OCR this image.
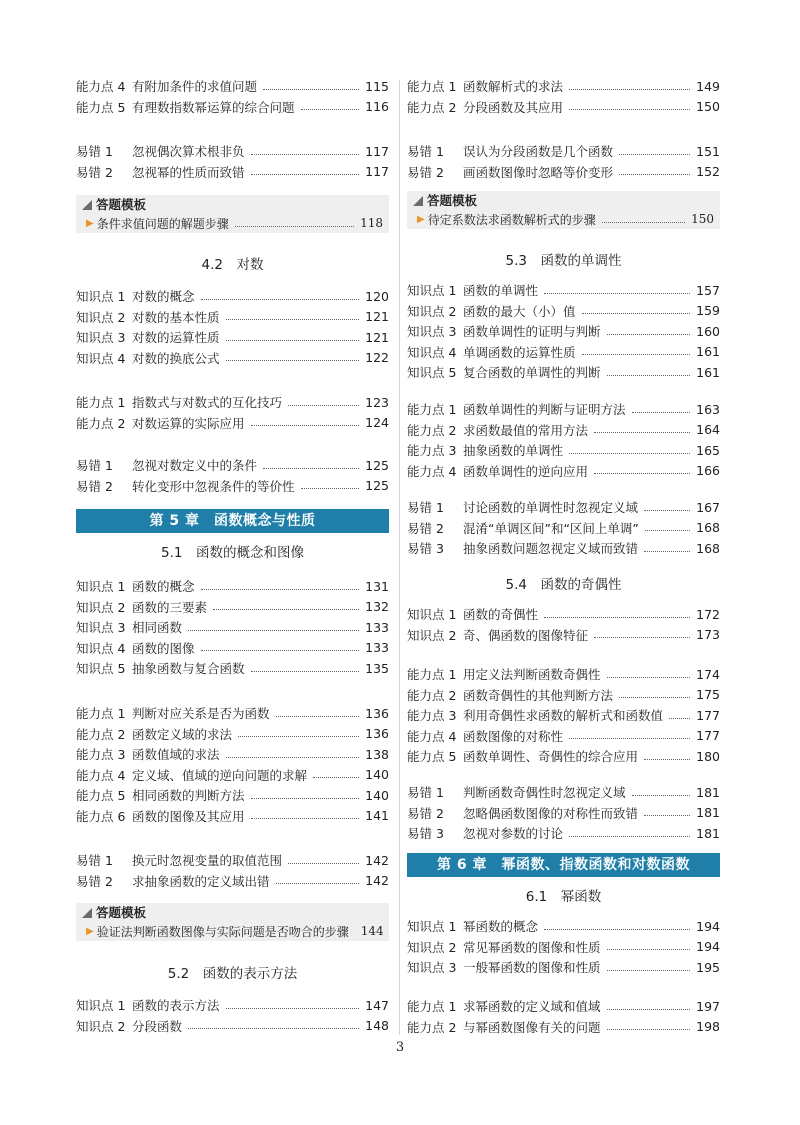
能力点 4 有附加条件的求值问题	115
能力点 5 有理数指数幂运算的综合问题	116
易错 1	忽视偶次算术根非负	117
易错 2	忽视幂的性质而致错	117
答题模板
▶ 条件求值问题的解题步骤	118
4.2　对数
知识点 1 对数的概念	120
知识点 2 对数的基本性质	121
知识点 3 对数的运算性质	121
知识点 4 对数的换底公式	122
能力点 1 指数式与对数式的互化技巧	123
能力点 2 对数运算的实际应用	124
易错 1	忽视对数定义中的条件	125
易错 2	转化变形中忽视条件的等价性	125
第 5 章　函数概念与性质
5.1　函数的概念和图像
知识点 1 函数的概念	131
知识点 2 函数的三要素	132
知识点 3 相同函数	133
知识点 4 函数的图像	133
知识点 5 抽象函数与复合函数	135
能力点 1 判断对应关系是否为函数	136
能力点 2 函数定义域的求法	136
能力点 3 函数值域的求法	138
能力点 4 定义域、值域的逆向问题的求解	140
能力点 5 相同函数的判断方法	140
能力点 6 函数的图像及其应用	141
易错 1	换元时忽视变量的取值范围	142
易错 2	求抽象函数的定义域出错	142
答题模板
▶ 验证法判断函数图像与实际问题是否吻合的步骤 144
5.2　函数的表示方法
知识点 1 函数的表示方法	147
知识点 2 分段函数	148
能力点 1 函数解析式的求法	149
能力点 2 分段函数及其应用	150
易错 1	误认为分段函数是几个函数	151
易错 2	画函数图像时忽略等价变形	152
答题模板
▶ 待定系数法求函数解析式的步骤	150
5.3　函数的单调性
知识点 1 函数的单调性	157
知识点 2 函数的最大（小）值	159
知识点 3 函数单调性的证明与判断	160
知识点 4 单调函数的运算性质	161
知识点 5 复合函数的单调性的判断	161
能力点 1 函数单调性的判断与证明方法	163
能力点 2 求函数最值的常用方法	164
能力点 3 抽象函数的单调性	165
能力点 4 函数单调性的逆向应用	166
易错 1	讨论函数的单调性时忽视定义域	167
易错 2	混淆“单调区间”和“区间上单调”	168
易错 3	抽象函数问题忽视定义域而致错	168
5.4　函数的奇偶性
知识点 1 函数的奇偶性	172
知识点 2 奇、偶函数的图像特征	173
能力点 1 用定义法判断函数奇偶性	174
能力点 2 函数奇偶性的其他判断方法	175
能力点 3 利用奇偶性求函数的解析式和函数值	177
能力点 4 函数图像的对称性	177
能力点 5 函数单调性、奇偶性的综合应用	180
易错 1	判断函数奇偶性时忽视定义域	181
易错 2	忽略偶函数图像的对称性而致错	181
易错 3	忽视对参数的讨论	181
第 6 章　幂函数、指数函数和对数函数
6.1　幂函数
知识点 1 幂函数的概念	194
知识点 2 常见幂函数的图像和性质	194
知识点 3 一般幂函数的图像和性质	195
能力点 1 求幂函数的定义域和值域	197
能力点 2 与幂函数图像有关的问题	198
3
